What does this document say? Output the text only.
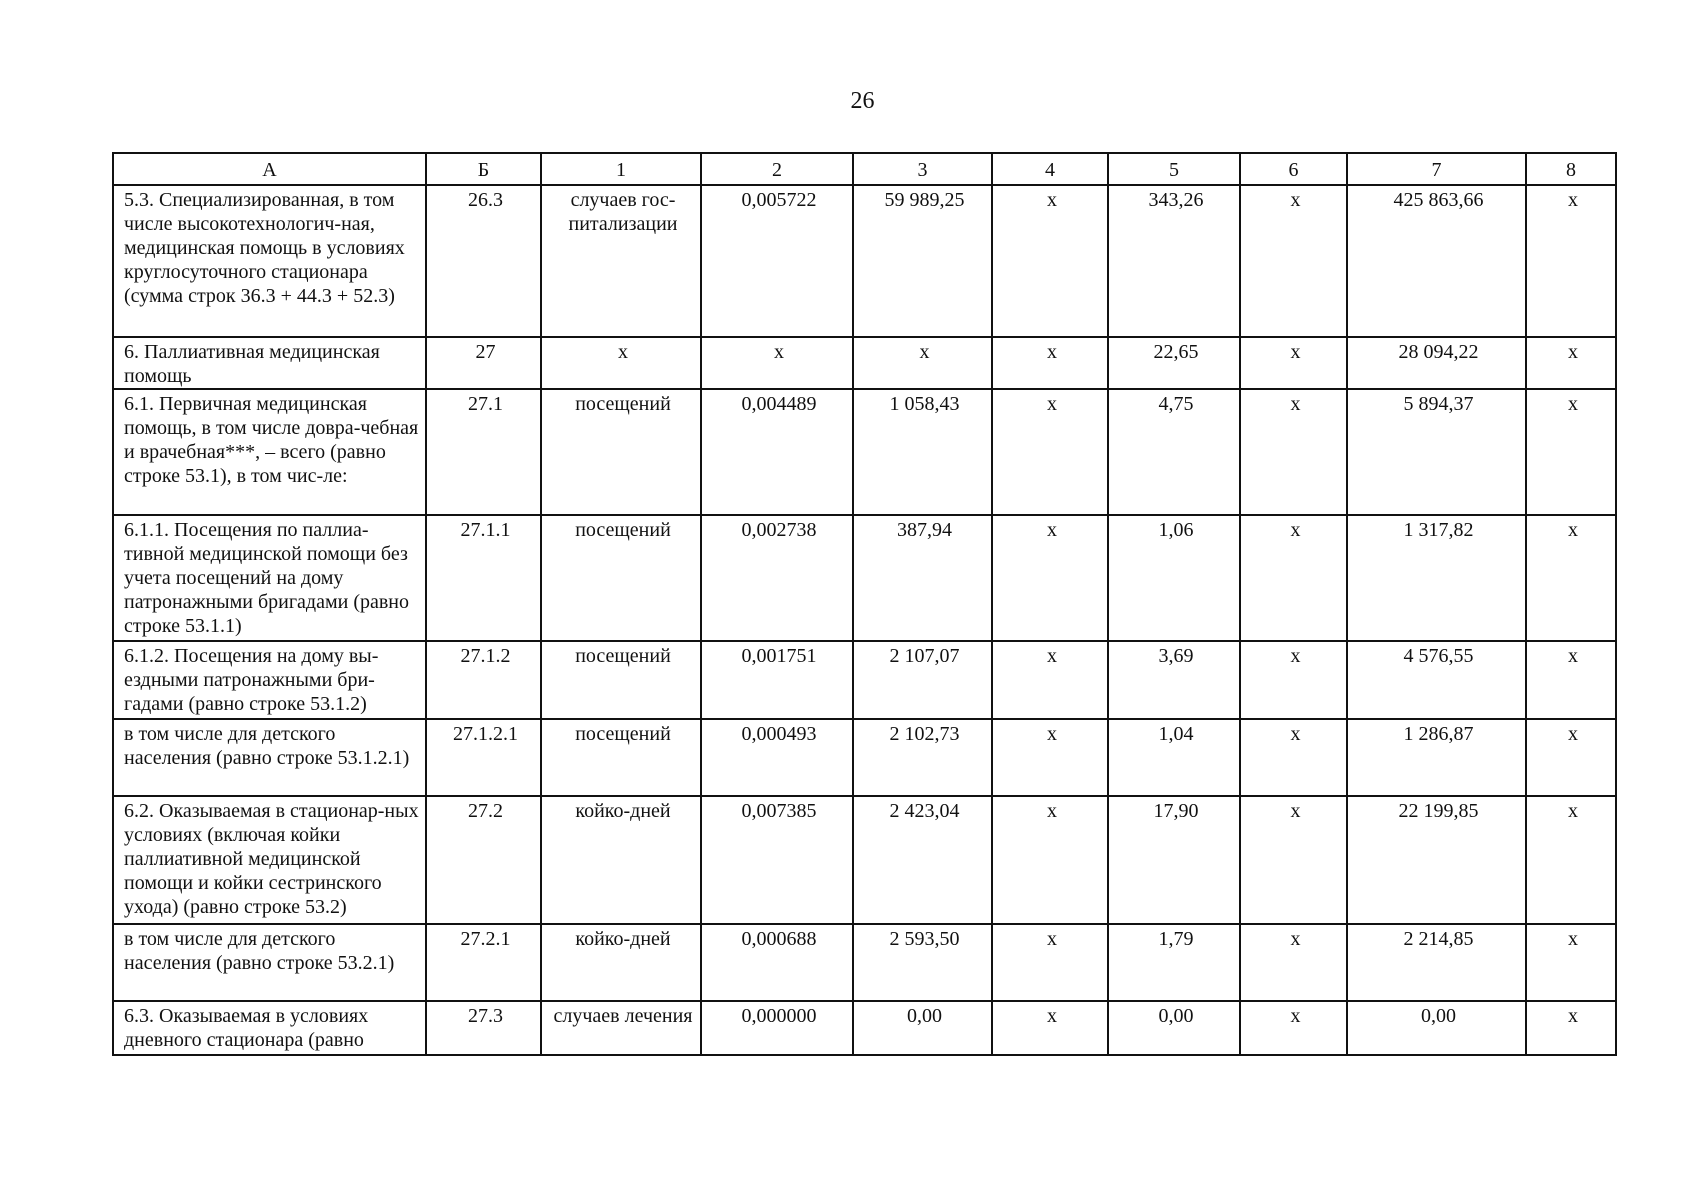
26
А	Б	1	2	3	4	5	6	7	8
5.3. Специализированная, в том числе высокотехнологич-ная, медицинская помощь в условиях круглосуточного стационара (сумма строк 36.3 + 44.3 + 52.3)	26.3	случаев гос-питализации	0,005722	59 989,25	х	343,26	х	425 863,66	х
6. Паллиативная медицинская помощь	27	х	х	х	х	22,65	х	28 094,22	х
6.1. Первичная медицинская помощь, в том числе довра-чебная и врачебная***, – всего (равно строке 53.1), в том чис-ле:	27.1	посещений	0,004489	1 058,43	х	4,75	х	5 894,37	х
6.1.1. Посещения по паллиа-тивной медицинской помощи без учета посещений на дому патронажными бригадами (равно строке 53.1.1)	27.1.1	посещений	0,002738	387,94	х	1,06	х	1 317,82	х
6.1.2. Посещения на дому вы-ездными патронажными бри-гадами (равно строке 53.1.2)	27.1.2	посещений	0,001751	2 107,07	х	3,69	х	4 576,55	х
в том числе для детского населения (равно строке 53.1.2.1)	27.1.2.1	посещений	0,000493	2 102,73	х	1,04	х	1 286,87	х
6.2. Оказываемая в стационар-ных условиях (включая койки паллиативной медицинской помощи и койки сестринского ухода) (равно строке 53.2)	27.2	койко-дней	0,007385	2 423,04	х	17,90	х	22 199,85	х
в том числе для детского населения (равно строке 53.2.1)	27.2.1	койко-дней	0,000688	2 593,50	х	1,79	х	2 214,85	х
6.3. Оказываемая в условиях дневного стационара (равно	27.3	случаев лечения	0,000000	0,00	х	0,00	х	0,00	х
